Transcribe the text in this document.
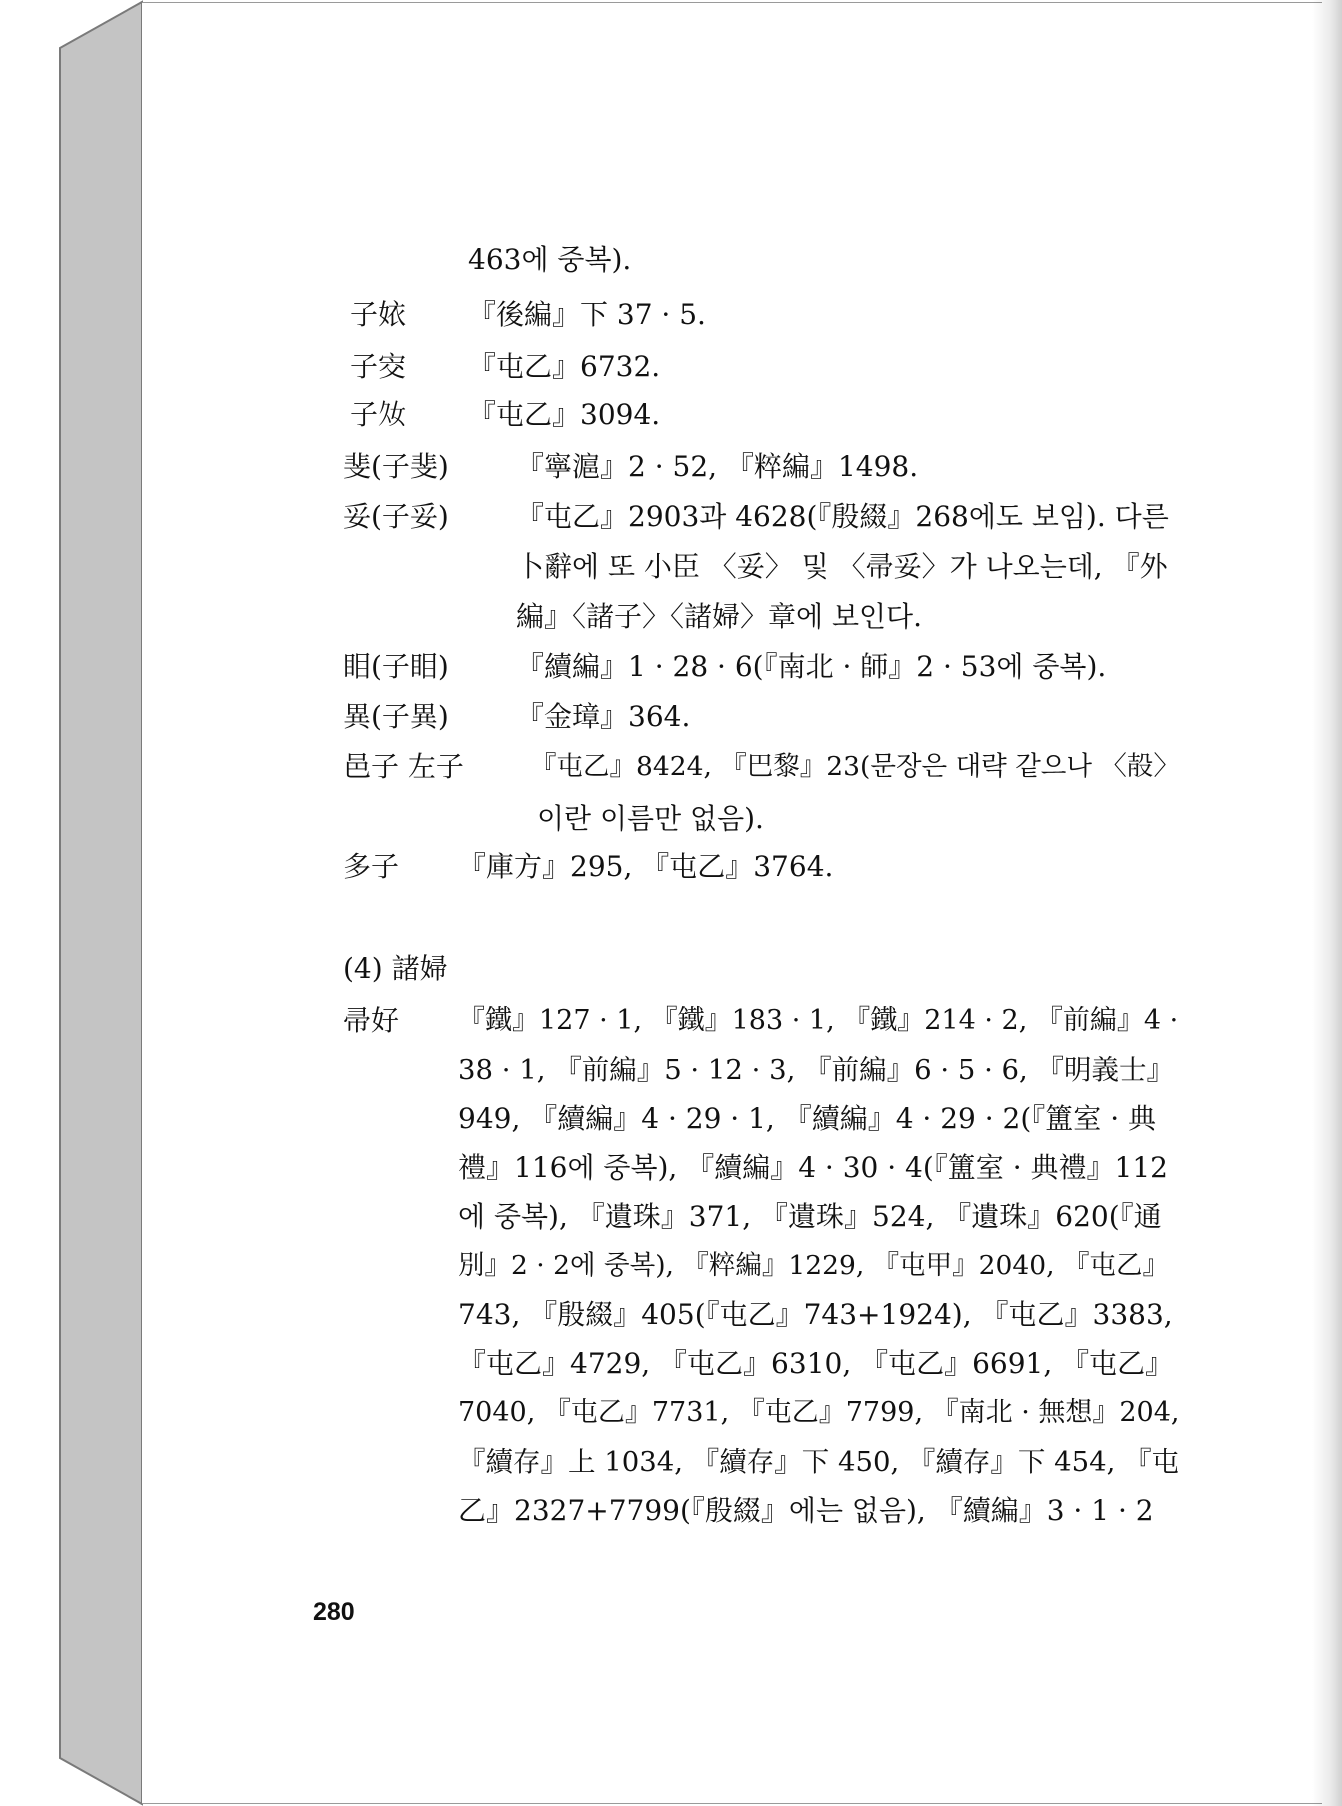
463에 중복).
子㛄 『後編』下 37 · 5.
子㝔 『屯乙』6732.
子𡚮 『屯乙』3094.
斐(子斐) 『寧滬』2 · 52, 『粹編』1498.
妥(子妥) 『屯乙』2903과 4628(『殷綴』268에도 보임). 다른
卜辭에 또 小臣 〈妥〉 및 〈帚妥〉가 나오는데, 『外
編』〈諸子〉〈諸婦〉章에 보인다.
䀠(子䀠) 『續編』1 · 28 · 6(『南北 · 師』2 · 53에 중복).
異(子異) 『金璋』364.
邑子 左子 『屯乙』8424, 『巴黎』23(문장은 대략 같으나 〈㱿〉
이란 이름만 없음).
多子 『庫方』295, 『屯乙』3764.
(4) 諸婦
帚好 『鐵』127 · 1, 『鐵』183 · 1, 『鐵』214 · 2, 『前編』4 ·
38 · 1, 『前編』5 · 12 · 3, 『前編』6 · 5 · 6, 『明義士』
949, 『續編』4 · 29 · 1, 『續編』4 · 29 · 2(『簠室 · 典
禮』116에 중복), 『續編』4 · 30 · 4(『簠室 · 典禮』112
에 중복), 『遺珠』371, 『遺珠』524, 『遺珠』620(『通
別』2 · 2에 중복), 『粹編』1229, 『屯甲』2040, 『屯乙』
743, 『殷綴』405(『屯乙』743+1924), 『屯乙』3383,
『屯乙』4729, 『屯乙』6310, 『屯乙』6691, 『屯乙』
7040, 『屯乙』7731, 『屯乙』7799, 『南北 · 無想』204,
『續存』上 1034, 『續存』下 450, 『續存』下 454, 『屯
乙』2327+7799(『殷綴』에는 없음), 『續編』3 · 1 · 2
280
